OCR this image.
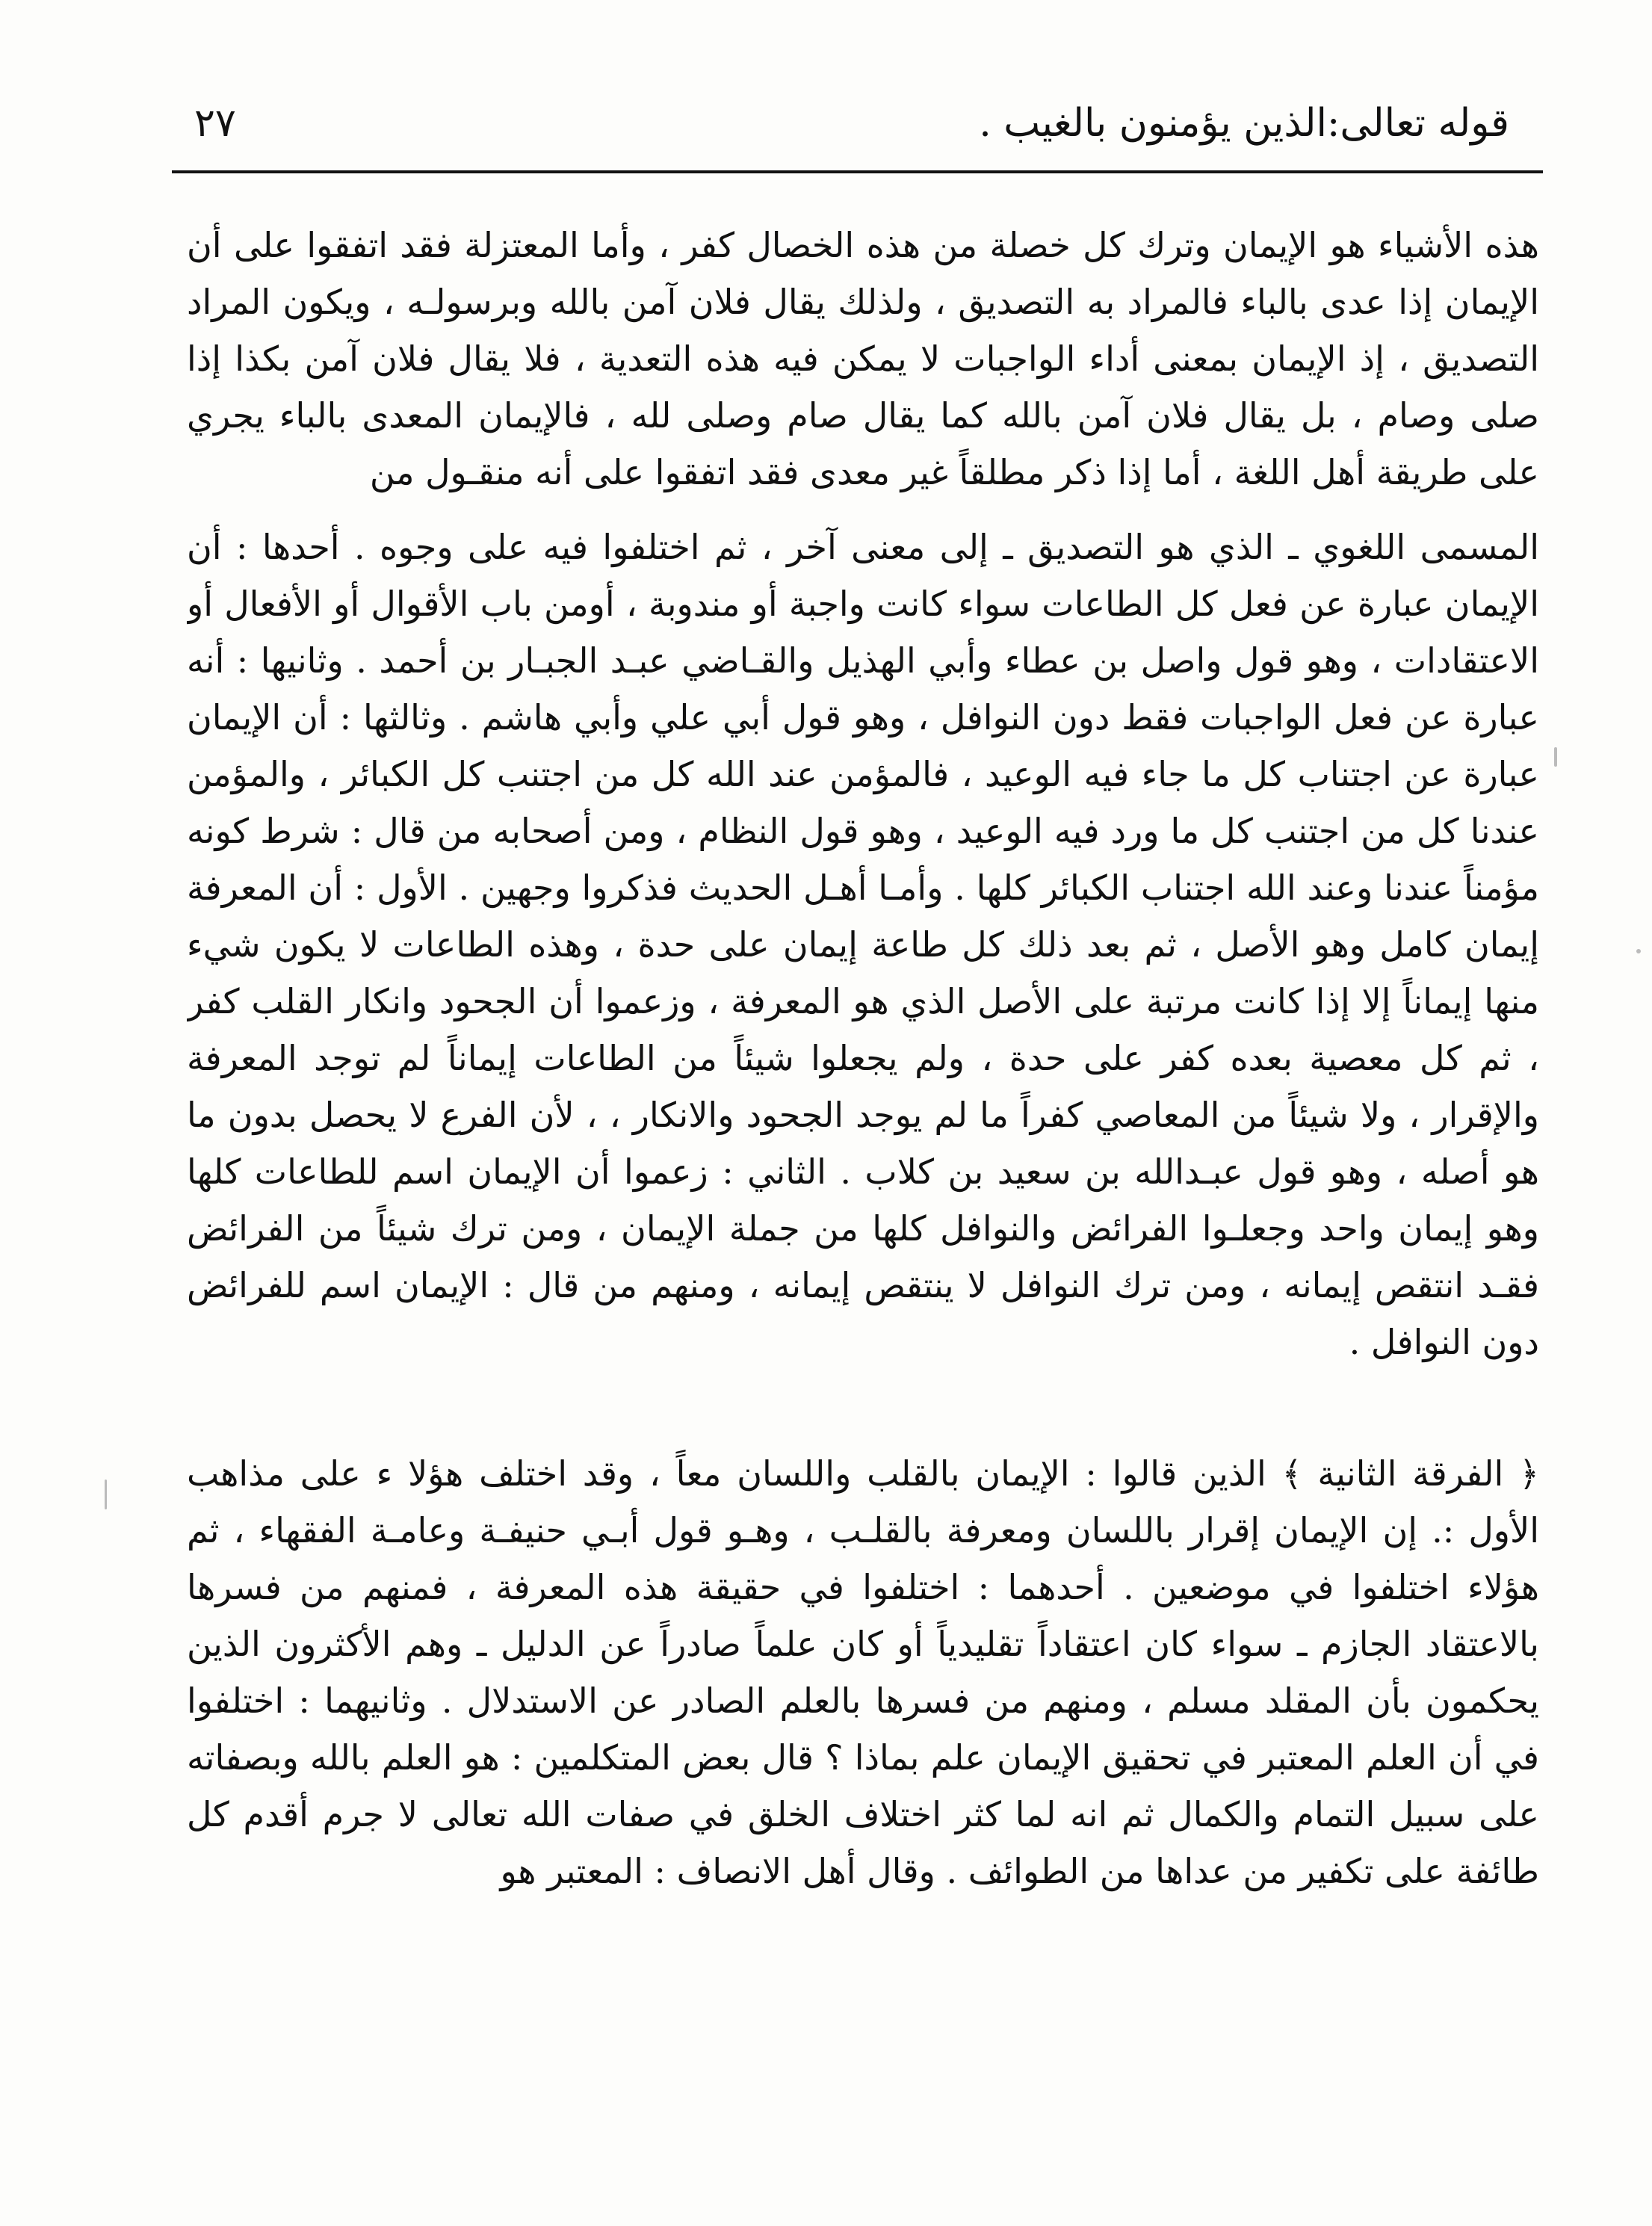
قوله تعالى:الذين يؤمنون بالغيب .
٢٧

هذه الأشياء هو الإيمان وترك كل خصلة من هذه الخصال كفر ، وأما المعتزلة فقد اتفقوا على أن الإيمان إذا عدى بالباء فالمراد به التصديق ، ولذلك يقال فلان آمن بالله وبرسولـه ، ويكون المراد التصديق ، إذ الإيمان بمعنى أداء الواجبات لا يمكن فيه هذه التعدية ، فلا يقال فلان آمن بكذا إذا صلى وصام ، بل يقال فلان آمن بالله كما يقال صام وصلى لله ، فالإيمان المعدى بالباء يجري على طريقة أهل اللغة ، أما إذا ذكر مطلقاً غير معدى فقد اتفقوا على أنه منقـول من

المسمى اللغوي ـ الذي هو التصديق ـ إلى معنى آخر ، ثم اختلفوا فيه على وجوه . أحدها : أن الإيمان عبارة عن فعل كل الطاعات سواء كانت واجبة أو مندوبة ، أومن باب الأقوال أو الأفعال أو الاعتقادات ، وهو قول واصل بن عطاء وأبي الهذيل والقـاضي عبـد الجبـار بن أحمد . وثانيها : أنه عبارة عن فعل الواجبات فقط دون النوافل ، وهو قول أبي علي وأبي هاشم . وثالثها : أن الإيمان عبارة عن اجتناب كل ما جاء فيه الوعيد ، فالمؤمن عند الله كل من اجتنب كل الكبائر ، والمؤمن عندنا كل من اجتنب كل ما ورد فيه الوعيد ، وهو قول النظام ، ومن أصحابه من قال : شرط كونه مؤمناً عندنا وعند الله اجتناب الكبائر كلها . وأمـا أهـل الحديث فذكروا وجهين . الأول : أن المعرفة إيمان كامل وهو الأصل ، ثم بعد ذلك كل طاعة إيمان على حدة ، وهذه الطاعات لا يكون شيء منها إيماناً إلا إذا كانت مرتبة على الأصل الذي هو المعرفة ، وزعموا أن الجحود وانكار القلب كفر ، ثم كل معصية بعده كفر على حدة ، ولم يجعلوا شيئاً من الطاعات إيماناً لم توجد المعرفة والإقرار ، ولا شيئاً من المعاصي كفراً ما لم يوجد الجحود والانكار ، ، لأن الفرع لا يحصل بدون ما هو أصله ، وهو قول عبـدالله بن سعيد بن كلاب . الثاني : زعموا أن الإيمان اسم للطاعات كلها وهو إيمان واحد وجعلـوا الفرائض والنوافل كلها من جملة الإيمان ، ومن ترك شيئاً من الفرائض فقـد انتقص إيمانه ، ومن ترك النوافل لا ينتقص إيمانه ، ومنهم من قال : الإيمان اسم للفرائض دون النوافل .

﴿ الفرقة الثانية ﴾ الذين قالوا : الإيمان بالقلب واللسان معاً ، وقد اختلف هؤلا ء على مذاهب الأول :. إن الإيمان إقرار باللسان ومعرفة بالقلـب ، وهـو قول أبـي حنيفـة وعامـة الفقهاء ، ثم هؤلاء اختلفوا في موضعين . أحدهما : اختلفوا في حقيقة هذه المعرفة ، فمنهم من فسرها بالاعتقاد الجازم ـ سواء كان اعتقاداً تقليدياً أو كان علماً صادراً عن الدليل ـ وهم الأكثرون الذين يحكمون بأن المقلد مسلم ، ومنهم من فسرها بالعلم الصادر عن الاستدلال . وثانيهما : اختلفوا في أن العلم المعتبر في تحقيق الإيمان علم بماذا ؟ قال بعض المتكلمين : هو العلم بالله وبصفاته على سبيل التمام والكمال ثم انه لما كثر اختلاف الخلق في صفات الله تعالى لا جرم أقدم كل طائفة على تكفير من عداها من الطوائف . وقال أهل الانصاف : المعتبر هو
